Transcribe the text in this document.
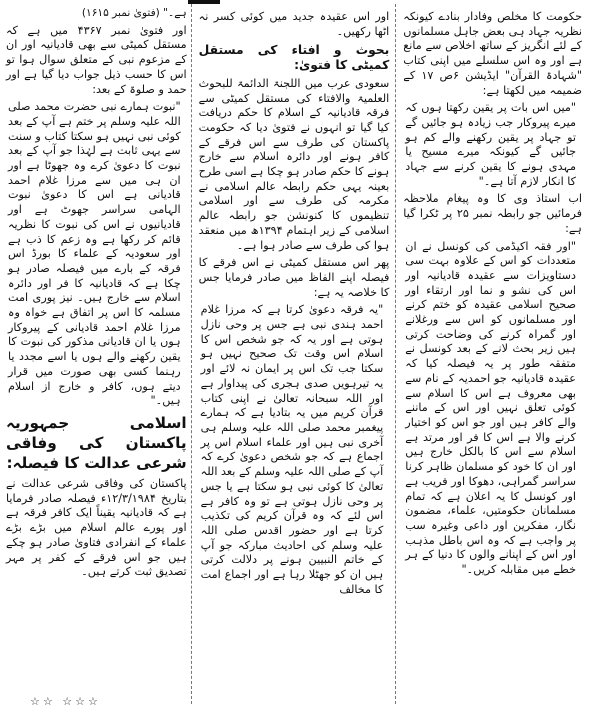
حکومت کا مخلص وفادار بنادے کیونکہ نظریہ جہاد ہی بعض جاہل مسلمانوں کے لئے انگریز کے ساتھ اخلاص سے مانع ہے اور وہ اس سلسلے میں اپنی کتاب "شہادۃ القرآن" ایڈیشن ۶ص ۱۷ کے ضمیمہ میں لکھتا ہے:

"میں اس بات پر یقین رکھتا ہوں کہ میرے پیروکار جب زیادہ ہو جائیں گے تو جہاد پر یقین رکھنے والے کم ہو جائیں گے کیونکہ میرے مسیح یا مہدی ہونے کا یقین کرنے سے جہاد کا انکار لازم آتا ہے۔"

اب استاذ وی کا وہ پیغام ملاحظہ فرمائیں جو رابطہ نمبر ۲۵ پر ٹکرا گیا ہے:

"اور فقہ اکیڈمی کی کونسل نے ان متعددات کو اس کے علاوہ بہت سی دستاویزات سے عقیدہ قادیانیہ اور اس کی نشو و نما اور ارتقاء اور صحیح اسلامی عقیدہ کو ختم کرنے اور مسلمانوں کو اس سے ورغلانے اور گمراہ کرنے کی وضاحت کرتی ہیں زیر بحث لانے کے بعد کونسل نے متفقہ طور پر یہ فیصلہ کیا کہ عقیدہ قادیانیہ جو احمدیہ کے نام سے بھی معروف ہے اس کا اسلام سے کوئی تعلق نہیں اور اس کے ماننے والے کافر ہیں اور جو اس کو اختیار کرنے والا ہے اس کا فر اور مرتد ہے اسلام سے اس کا بالکل خارج ہیں اور ان کا خود کو مسلمان ظاہر کرنا سراسر گمراہی، دھوکا اور فریب ہے اور کونسل کا یہ اعلان ہے کہ تمام مسلمانان حکومتیں، علماء، مضمون نگار، مفکرین اور داعی وغیرہ سب پر واجب ہے کہ وہ اس باطل مذہب اور اس کے اپنانے والوں کا دنیا کے ہر خطے میں مقابلہ کریں۔"

اور اس عقیدہ جدید میں کوئی کسر نہ اٹھا رکھیں۔

بحوث و افتاء کی مستقل کمیٹی کا فتویٰ:

سعودی عرب میں اللجنۃ الدائمۃ للبحوث العلمیۃ والافتاء کی مستقل کمیٹی سے فرقہ قادیانیہ کے اسلام کا حکم دریافت کیا گیا تو انہوں نے فتویٰ دیا کہ حکومت پاکستان کی طرف سے اس فرقے کے کافر ہونے اور دائرہ اسلام سے خارج ہونے کا حکم صادر ہو چکا ہے اسی طرح بعینہ یہی حکم رابطہ عالم اسلامی نے مکرمہ کی طرف سے اور اسلامی تنظیموں کا کنونشن جو رابطہ عالم اسلامی کے زیر اہتمام ۱۳۹۴ھ میں منعقد ہوا کی طرف سے صادر ہوا ہے۔

پھر اس مستقل کمیٹی نے اس فرقے کا فیصلہ اپنے الفاظ میں صادر فرمایا جس کا خلاصہ یہ ہے:

"یہ فرقہ دعویٰ کرتا ہے کہ مرزا غلام احمد ہندی نبی ہے جس پر وحی نازل ہوتی ہے اور یہ کہ جو شخص اس کا اسلام اس وقت تک صحیح نہیں ہو سکتا جب تک اس پر ایمان نہ لائے اور یہ تیرہویں صدی ہجری کی پیداوار ہے اور اللہ سبحانہ تعالیٰ نے اپنی کتاب قرآن کریم میں یہ بتادیا ہے کہ ہمارے پیغمبر محمد صلی اللہ علیہ وسلم ہی آخری نبی ہیں اور علماء اسلام اس پر اجماع ہے کہ جو شخص دعویٰ کرے کہ آپ کے صلی اللہ علیہ وسلم کے بعد اللہ تعالیٰ کا کوئی نبی ہو سکتا ہے یا جس پر وحی نازل ہوتی ہے تو وہ کافر ہے اس لئے کہ وہ قرآن کریم کی تکذیب کرتا ہے اور حضور اقدس صلی اللہ علیہ وسلم کی احادیث مبارکہ جو آپ کے خاتم النبیین ہونے پر دلالت کرتی ہیں ان کو جھٹلا رہا ہے اور اجماع امت کا مخالف

ہے۔" (فتویٰ نمبر ۱۶۱۵)

اور فتویٰ نمبر ۴۳۶۷ میں ہے کہ مستقل کمیٹی سے بھی قادیانیہ اور ان کے مزعوم نبی کے متعلق سوال ہوا تو اس کا حسب ذیل جواب دیا گیا ہے اور حمد و صلوۃ کے بعد:

"نبوت ہمارے نبی حضرت محمد صلی اللہ علیہ وسلم پر ختم ہے آپ کے بعد کوئی نبی نہیں ہو سکتا کتاب و سنت سے یہی ثابت ہے لہٰذا جو آپ کے بعد نبوت کا دعویٰ کرے وہ جھوٹا ہے اور ان ہی میں سے مرزا غلام احمد قادیانی ہے اس کا دعویٰ نبوت الہامی سراسر جھوٹ ہے اور قادیانیوں نے اس کی نبوت کا نظریہ قائم کر رکھا ہے وہ زعم کا ذب ہے اور سعودیہ کے علماء کا بورڈ اس فرقہ کے بارے میں فیصلہ صادر ہو چکا ہے کہ قادیانیہ کا فر اور دائرہ اسلام سے خارج ہیں۔ نیز پوری امت مسلمہ کا اس پر اتفاق ہے خواہ وہ مرزا غلام احمد قادیانی کے پیروکار ہوں یا ان قادیانی مذکور کی نبوت کا یقین رکھنے والے ہوں یا اسے مجدد یا رہنما کسی بھی صورت میں قرار دیتے ہوں، کافر و خارج از اسلام ہیں۔"

اسلامی جمہوریہ پاکستان کی وفاقی شرعی عدالت کا فیصلہ:

پاکستان کی وفاقی شرعی عدالت نے بتاریخ ۱۲/۳/۱۹۸۴ء فیصلہ صادر فرمایا ہے کہ قادیانیہ یقیناً ایک کافر فرقہ ہے اور پورے عالم اسلام میں بڑے بڑے علماء کے انفرادی فتاویٰ صادر ہو چکے ہیں جو اس فرقے کے کفر پر مہر تصدیق ثبت کرتے ہیں۔

☆☆ ☆☆☆
